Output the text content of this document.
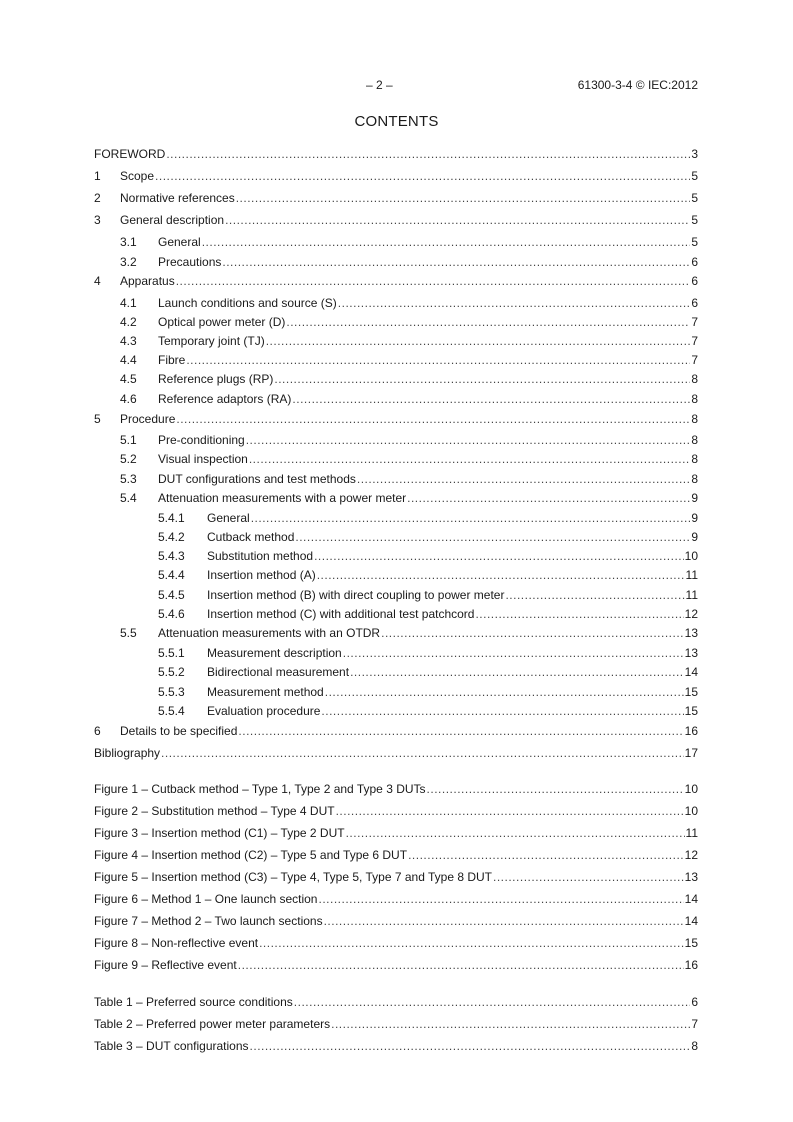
– 2 –	61300-3-4 © IEC:2012
CONTENTS
FOREWORD .....	3
1	Scope .....	5
2	Normative references .....	5
3	General description .....	5
3.1	General .....	5
3.2	Precautions .....	6
4	Apparatus .....	6
4.1	Launch conditions and source (S) .....	6
4.2	Optical power meter (D) .....	7
4.3	Temporary joint (TJ) .....	7
4.4	Fibre .....	7
4.5	Reference plugs (RP) .....	8
4.6	Reference adaptors (RA) .....	8
5	Procedure .....	8
5.1	Pre-conditioning .....	8
5.2	Visual inspection .....	8
5.3	DUT configurations and test methods .....	8
5.4	Attenuation measurements with a power meter .....	9
5.4.1	General .....	9
5.4.2	Cutback method .....	9
5.4.3	Substitution method .....	10
5.4.4	Insertion method (A) .....	11
5.4.5	Insertion method (B) with direct coupling to power meter .....	11
5.4.6	Insertion method (C) with additional test patchcord .....	12
5.5	Attenuation measurements with an OTDR .....	13
5.5.1	Measurement description .....	13
5.5.2	Bidirectional measurement .....	14
5.5.3	Measurement method .....	15
5.5.4	Evaluation procedure .....	15
6	Details to be specified .....	16
Bibliography .....	17
Figure 1 – Cutback method – Type 1, Type 2 and Type 3 DUTs .....	10
Figure 2 – Substitution method – Type 4 DUT .....	10
Figure 3 – Insertion method (C1) – Type 2 DUT .....	11
Figure 4 – Insertion method (C2) – Type 5 and Type 6 DUT .....	12
Figure 5 – Insertion method (C3) – Type 4, Type 5, Type 7 and Type 8 DUT .....	13
Figure 6 – Method 1 – One launch section .....	14
Figure 7 – Method 2 – Two launch sections .....	14
Figure 8 – Non-reflective event .....	15
Figure 9 – Reflective event .....	16
Table 1 – Preferred source conditions .....	6
Table 2 – Preferred power meter parameters .....	7
Table 3 – DUT configurations .....	8
